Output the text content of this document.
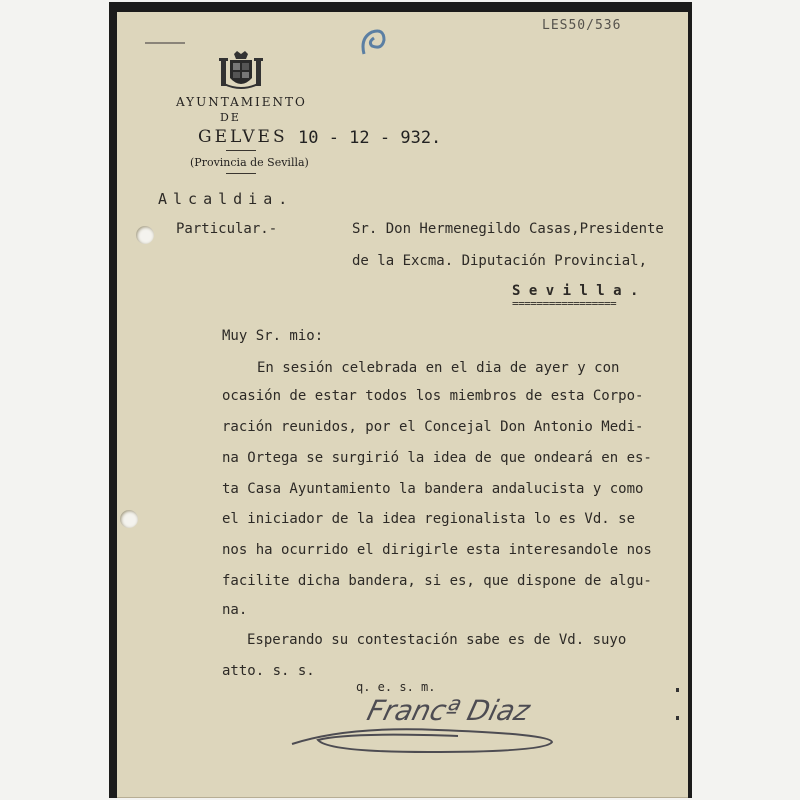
LES50/536
AYUNTAMIENTO
DE
GELVES 10 - 12 - 932.
(Provincia de Sevilla)
Alcaldia.
Particular.-	Sr. Don Hermenegildo Casas,Presidente
de la Excma. Diputación Provincial,
S e v i l l a .
=================
Muy Sr. mio:
En sesión celebrada en el dia de ayer y con
ocasión de estar todos los miembros de esta Corpo-
ración reunidos, por el Concejal Don Antonio Medi-
na Ortega se surgirió la idea de que ondeará en es-
ta Casa Ayuntamiento la bandera andalucista y como
el iniciador de la idea regionalista lo es Vd. se
nos ha ocurrido el dirigirle esta interesandole nos
facilite dicha bandera, si es, que dispone de algu-
na.
Esperando su contestación sabe es de Vd. suyo
atto. s. s.
q. e. s. m.
Francª Diaz
